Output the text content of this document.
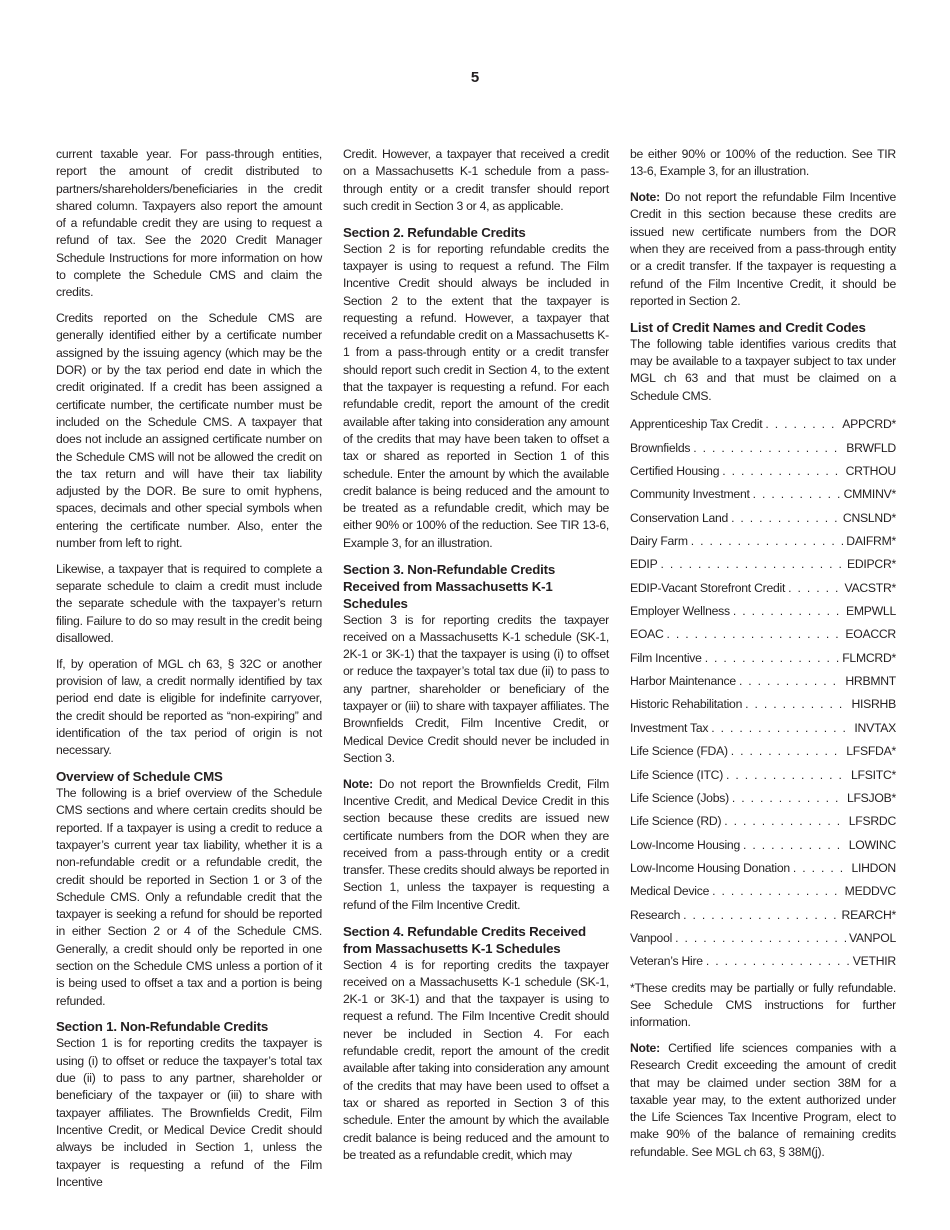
5

current taxable year. For pass-through entities, report the amount of credit distributed to partners/shareholders/beneficiaries in the credit shared column. Taxpayers also report the amount of a refundable credit they are using to request a refund of tax. See the 2020 Credit Manager Schedule Instructions for more information on how to complete the Schedule CMS and claim the credits.

Credits reported on the Schedule CMS are generally identified either by a certificate number assigned by the issuing agency (which may be the DOR) or by the tax period end date in which the credit originated. If a credit has been assigned a certificate number, the certificate number must be included on the Schedule CMS. A taxpayer that does not include an assigned certificate number on the Schedule CMS will not be allowed the credit on the tax return and will have their tax liability adjusted by the DOR. Be sure to omit hyphens, spaces, decimals and other special symbols when entering the certificate number. Also, enter the number from left to right.

Likewise, a taxpayer that is required to complete a separate schedule to claim a credit must include the separate schedule with the taxpayer’s return filing. Failure to do so may result in the credit being disallowed.

If, by operation of MGL ch 63, § 32C or another provision of law, a credit normally identified by tax period end date is eligible for indefinite carryover, the credit should be reported as “non-expiring” and identification of the tax period of origin is not necessary.

Overview of Schedule CMS

The following is a brief overview of the Schedule CMS sections and where certain credits should be reported. If a taxpayer is using a credit to reduce a taxpayer’s current year tax liability, whether it is a non-refundable credit or a refundable credit, the credit should be reported in Section 1 or 3 of the Schedule CMS. Only a refundable credit that the taxpayer is seeking a refund for should be reported in either Section 2 or 4 of the Schedule CMS. Generally, a credit should only be reported in one section on the Schedule CMS unless a portion of it is being used to offset a tax and a portion is being refunded.

Section 1. Non-Refundable Credits

Section 1 is for reporting credits the taxpayer is using (i) to offset or reduce the taxpayer’s total tax due (ii) to pass to any partner, shareholder or beneficiary of the taxpayer or (iii) to share with taxpayer affiliates. The Brownfields Credit, Film Incentive Credit, or Medical Device Credit should always be included in Section 1, unless the taxpayer is requesting a refund of the Film Incentive

Credit. However, a taxpayer that received a credit on a Massachusetts K-1 schedule from a pass-through entity or a credit transfer should report such credit in Section 3 or 4, as applicable.

Section 2. Refundable Credits

Section 2 is for reporting refundable credits the taxpayer is using to request a refund. The Film Incentive Credit should always be included in Section 2 to the extent that the taxpayer is requesting a refund. However, a taxpayer that received a refundable credit on a Massachusetts K-1 from a pass-through entity or a credit transfer should report such credit in Section 4, to the extent that the taxpayer is requesting a refund. For each refundable credit, report the amount of the credit available after taking into consideration any amount of the credits that may have been taken to offset a tax or shared as reported in Section 1 of this schedule. Enter the amount by which the available credit balance is being reduced and the amount to be treated as a refundable credit, which may be either 90% or 100% of the reduction. See TIR 13-6, Example 3, for an illustration.

Section 3. Non-Refundable Credits Received from Massachusetts K-1 Schedules

Section 3 is for reporting credits the taxpayer received on a Massachusetts K-1 schedule (SK-1, 2K-1 or 3K-1) that the taxpayer is using (i) to offset or reduce the taxpayer’s total tax due (ii) to pass to any partner, shareholder or beneficiary of the taxpayer or (iii) to share with taxpayer affiliates. The Brownfields Credit, Film Incentive Credit, or Medical Device Credit should never be included in Section 3.

Note: Do not report the Brownfields Credit, Film Incentive Credit, and Medical Device Credit in this section because these credits are issued new certificate numbers from the DOR when they are received from a pass-through entity or a credit transfer. These credits should always be reported in Section 1, unless the taxpayer is requesting a refund of the Film Incentive Credit.

Section 4. Refundable Credits Received from Massachusetts K-1 Schedules

Section 4 is for reporting credits the taxpayer received on a Massachusetts K-1 schedule (SK-1, 2K-1 or 3K-1) and that the taxpayer is using to request a refund. The Film Incentive Credit should never be included in Section 4. For each refundable credit, report the amount of the credit available after taking into consideration any amount of the credits that may have been used to offset a tax or shared as reported in Section 3 of this schedule. Enter the amount by which the available credit balance is being reduced and the amount to be treated as a refundable credit, which may

be either 90% or 100% of the reduction. See TIR 13-6, Example 3, for an illustration.

Note: Do not report the refundable Film Incentive Credit in this section because these credits are issued new certificate numbers from the DOR when they are received from a pass-through entity or a credit transfer. If the taxpayer is requesting a refund of the Film Incentive Credit, it should be reported in Section 2.

List of Credit Names and Credit Codes

The following table identifies various credits that may be available to a taxpayer subject to tax under MGL ch 63 and that must be claimed on a Schedule CMS.

Apprenticeship Tax Credit . . .	APPCRD*
Brownfields . . .	BRWFLD
Certified Housing . . .	CRTHOU
Community Investment . . .	CMMINV*
Conservation Land . . .	CNSLND*
Dairy Farm . . .	DAIFRM*
EDIP . . .	EDIPCR*
EDIP-Vacant Storefront Credit . . .	VACSTR*
Employer Wellness . . .	EMPWLL
EOAC . . .	EOACCR
Film Incentive . . .	FLMCRD*
Harbor Maintenance . . .	HRBMNT
Historic Rehabilitation . . .	HISRHB
Investment Tax . . .	INVTAX
Life Science (FDA) . . .	LFSFDA*
Life Science (ITC) . . .	LFSITC*
Life Science (Jobs) . . .	LFSJOB*
Life Science (RD) . . .	LFSRDC
Low-Income Housing . . .	LOWINC
Low-Income Housing Donation . . .	LIHDON
Medical Device . . .	MEDDVC
Research . . .	REARCH*
Vanpool . . .	VANPOL
Veteran’s Hire . . .	VETHIR

*These credits may be partially or fully refundable. See Schedule CMS instructions for further information.

Note: Certified life sciences companies with a Research Credit exceeding the amount of credit that may be claimed under section 38M for a taxable year may, to the extent authorized under the Life Sciences Tax Incentive Program, elect to make 90% of the balance of remaining credits refundable. See MGL ch 63, § 38M(j).
